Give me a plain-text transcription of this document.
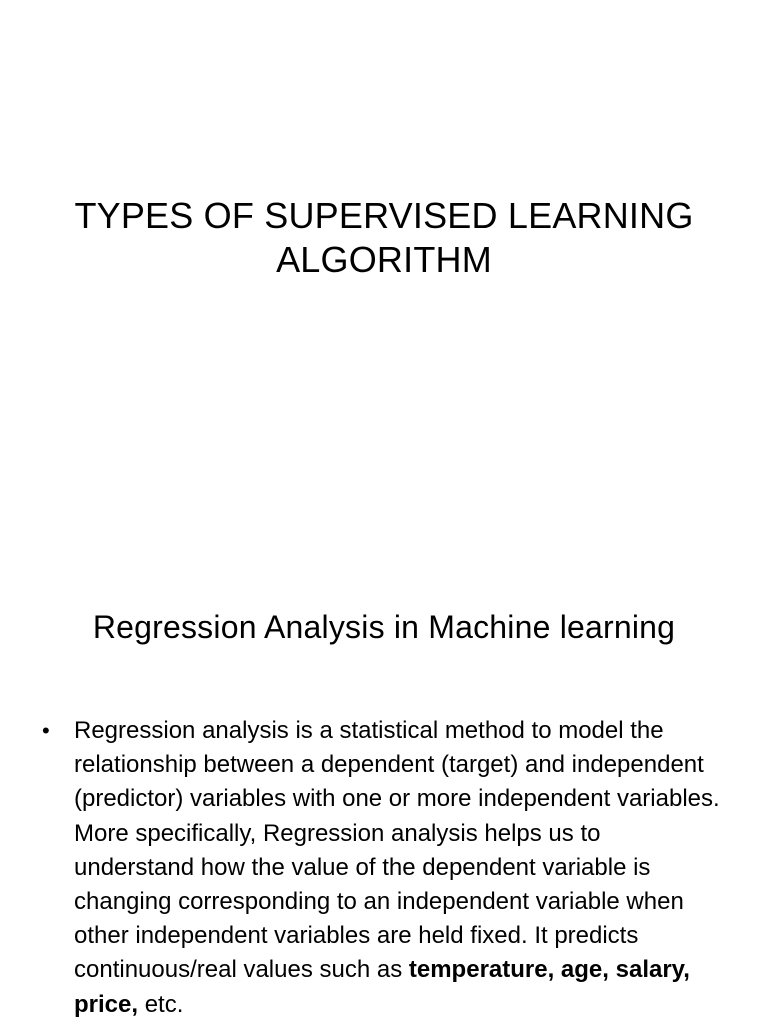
TYPES OF SUPERVISED LEARNING ALGORITHM
Regression Analysis in Machine learning
• Regression analysis is a statistical method to model the relationship between a dependent (target) and independent (predictor) variables with one or more independent variables. More specifically, Regression analysis helps us to understand how the value of the dependent variable is changing corresponding to an independent variable when other independent variables are held fixed. It predicts continuous/real values such as temperature, age, salary, price, etc.
